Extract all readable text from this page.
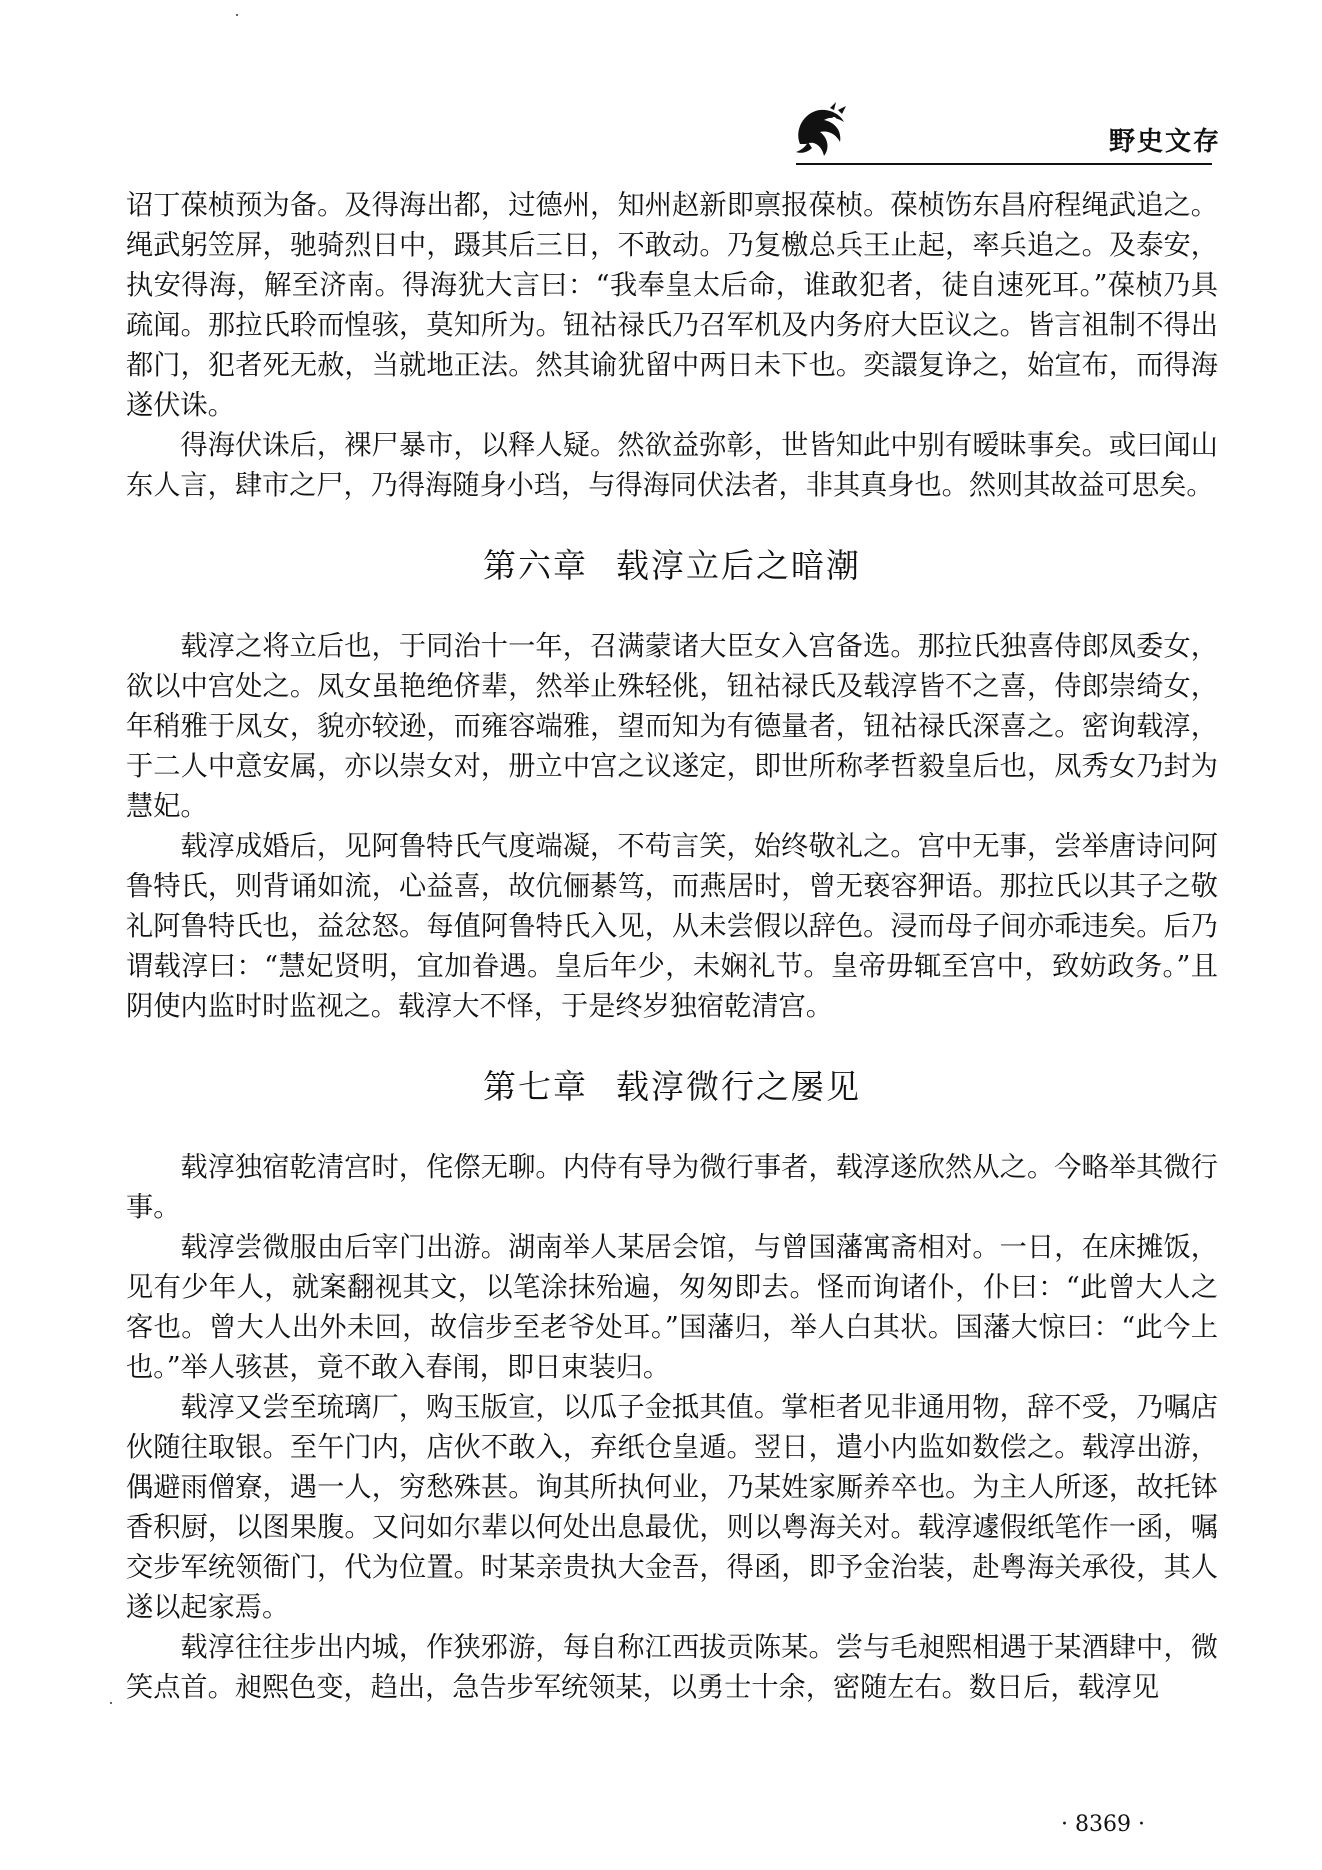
野史文存

诏丁葆桢预为备。及得海出都，过德州，知州赵新即禀报葆桢。葆桢饬东昌府程绳武追之。绳武躬笠屏，驰骑烈日中，蹑其后三日，不敢动。乃复檄总兵王止起，率兵追之。及泰安，执安得海，解至济南。得海犹大言曰：“我奉皇太后命，谁敢犯者，徒自速死耳。”葆桢乃具疏闻。那拉氏聆而惶骇，莫知所为。钮祜禄氏乃召军机及内务府大臣议之。皆言祖制不得出都门，犯者死无赦，当就地正法。然其谕犹留中两日未下也。奕譞复诤之，始宣布，而得海遂伏诛。

得海伏诛后，裸尸暴市，以释人疑。然欲益弥彰，世皆知此中别有暧昧事矣。或曰闻山东人言，肆市之尸，乃得海随身小珰，与得海同伏法者，非其真身也。然则其故益可思矣。

第六章 载淳立后之暗潮

载淳之将立后也，于同治十一年，召满蒙诸大臣女入宫备选。那拉氏独喜侍郎凤委女，欲以中宫处之。凤女虽艳绝侪辈，然举止殊轻佻，钮祜禄氏及载淳皆不之喜，侍郎崇绮女，年稍雅于凤女，貌亦较逊，而雍容端雅，望而知为有德量者，钮祜禄氏深喜之。密询载淳，于二人中意安属，亦以崇女对，册立中宫之议遂定，即世所称孝哲毅皇后也，凤秀女乃封为慧妃。

载淳成婚后，见阿鲁特氏气度端凝，不苟言笑，始终敬礼之。宫中无事，尝举唐诗问阿鲁特氏，则背诵如流，心益喜，故伉俪綦笃，而燕居时，曾无亵容狎语。那拉氏以其子之敬礼阿鲁特氏也，益忿怒。每值阿鲁特氏入见，从未尝假以辞色。浸而母子间亦乖违矣。后乃谓载淳曰：“慧妃贤明，宜加眷遇。皇后年少，未娴礼节。皇帝毋辄至宫中，致妨政务。”且阴使内监时时监视之。载淳大不怿，于是终岁独宿乾清宫。

第七章 载淳微行之屡见

载淳独宿乾清宫时，侘傺无聊。内侍有导为微行事者，载淳遂欣然从之。今略举其微行事。

载淳尝微服由后宰门出游。湖南举人某居会馆，与曾国藩寓斋相对。一日，在床摊饭，见有少年人，就案翻视其文，以笔涂抹殆遍，匆匆即去。怪而询诸仆，仆曰：“此曾大人之客也。曾大人出外未回，故信步至老爷处耳。”国藩归，举人白其状。国藩大惊曰：“此今上也。”举人骇甚，竟不敢入春闱，即日束装归。

载淳又尝至琉璃厂，购玉版宣，以瓜子金抵其值。掌柜者见非通用物，辞不受，乃嘱店伙随往取银。至午门内，店伙不敢入，弃纸仓皇遁。翌日，遣小内监如数偿之。载淳出游，偶避雨僧寮，遇一人，穷愁殊甚。询其所执何业，乃某姓家厮养卒也。为主人所逐，故托钵香积厨，以图果腹。又问如尔辈以何处出息最优，则以粤海关对。载淳遽假纸笔作一函，嘱交步军统领衙门，代为位置。时某亲贵执大金吾，得函，即予金治装，赴粤海关承役，其人遂以起家焉。

载淳往往步出内城，作狭邪游，每自称江西拔贡陈某。尝与毛昶熙相遇于某酒肆中，微笑点首。昶熙色变，趋出，急告步军统领某，以勇士十余，密随左右。数日后，载淳见

· 8369 ·
